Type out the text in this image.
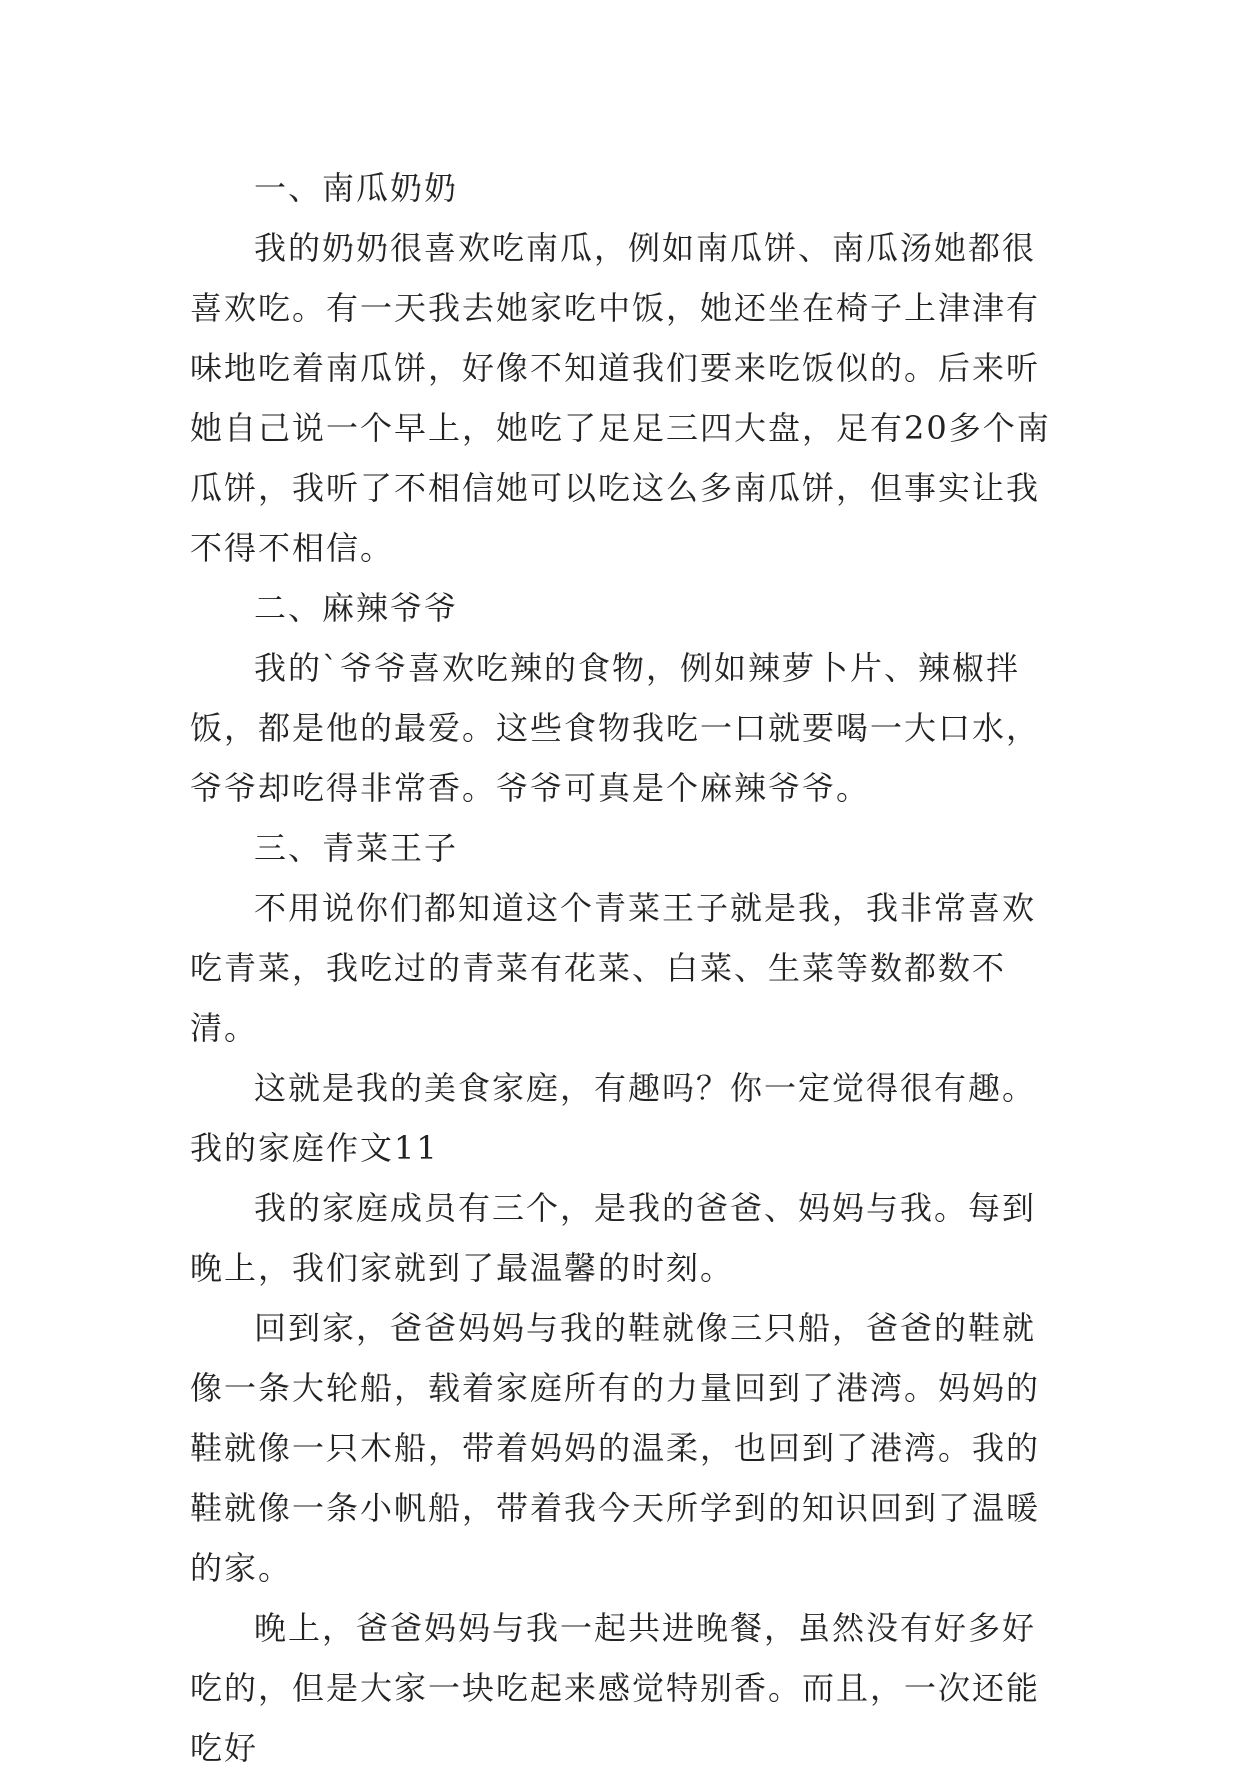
一、南瓜奶奶

我的奶奶很喜欢吃南瓜，例如南瓜饼、南瓜汤她都很喜欢吃。有一天我去她家吃中饭，她还坐在椅子上津津有味地吃着南瓜饼，好像不知道我们要来吃饭似的。后来听她自己说一个早上，她吃了足足三四大盘，足有20多个南瓜饼，我听了不相信她可以吃这么多南瓜饼，但事实让我不得不相信。

二、麻辣爷爷

我的`爷爷喜欢吃辣的食物，例如辣萝卜片、辣椒拌饭，都是他的最爱。这些食物我吃一口就要喝一大口水，爷爷却吃得非常香。爷爷可真是个麻辣爷爷。

三、青菜王子

不用说你们都知道这个青菜王子就是我，我非常喜欢吃青菜，我吃过的青菜有花菜、白菜、生菜等数都数不清。

这就是我的美食家庭，有趣吗？你一定觉得很有趣。

我的家庭作文11

我的家庭成员有三个，是我的爸爸、妈妈与我。每到晚上，我们家就到了最温馨的时刻。

回到家，爸爸妈妈与我的鞋就像三只船，爸爸的鞋就像一条大轮船，载着家庭所有的力量回到了港湾。妈妈的鞋就像一只木船，带着妈妈的温柔，也回到了港湾。我的鞋就像一条小帆船，带着我今天所学到的知识回到了温暖的家。

晚上，爸爸妈妈与我一起共进晚餐，虽然没有好多好吃的，但是大家一块吃起来感觉特别香。而且，一次还能吃好
